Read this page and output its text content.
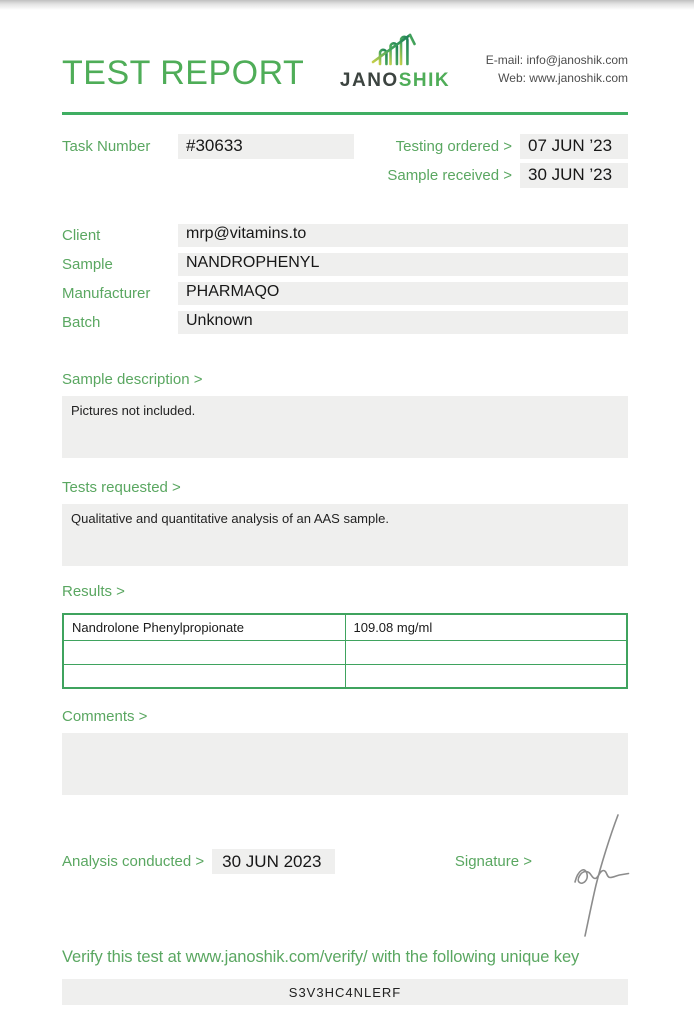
TEST REPORT JANOSHIK
E-mail: info@janoshik.com
Web: www.janoshik.com
Task Number	#30633	Testing ordered > 07 JUN ’23
Sample received > 30 JUN ’23
Client	mrp@vitamins.to
Sample	NANDROPHENYL
Manufacturer	PHARMAQO
Batch	Unknown
Sample description >
Pictures not included.
Tests requested >
Qualitative and quantitative analysis of an AAS sample.
Results >
Nandrolone Phenylpropionate	109.08 mg/ml

Comments >
Analysis conducted >	30 JUN 2023	Signature >
Verify this test at www.janoshik.com/verify/ with the following unique key
S3V3HC4NLERF
